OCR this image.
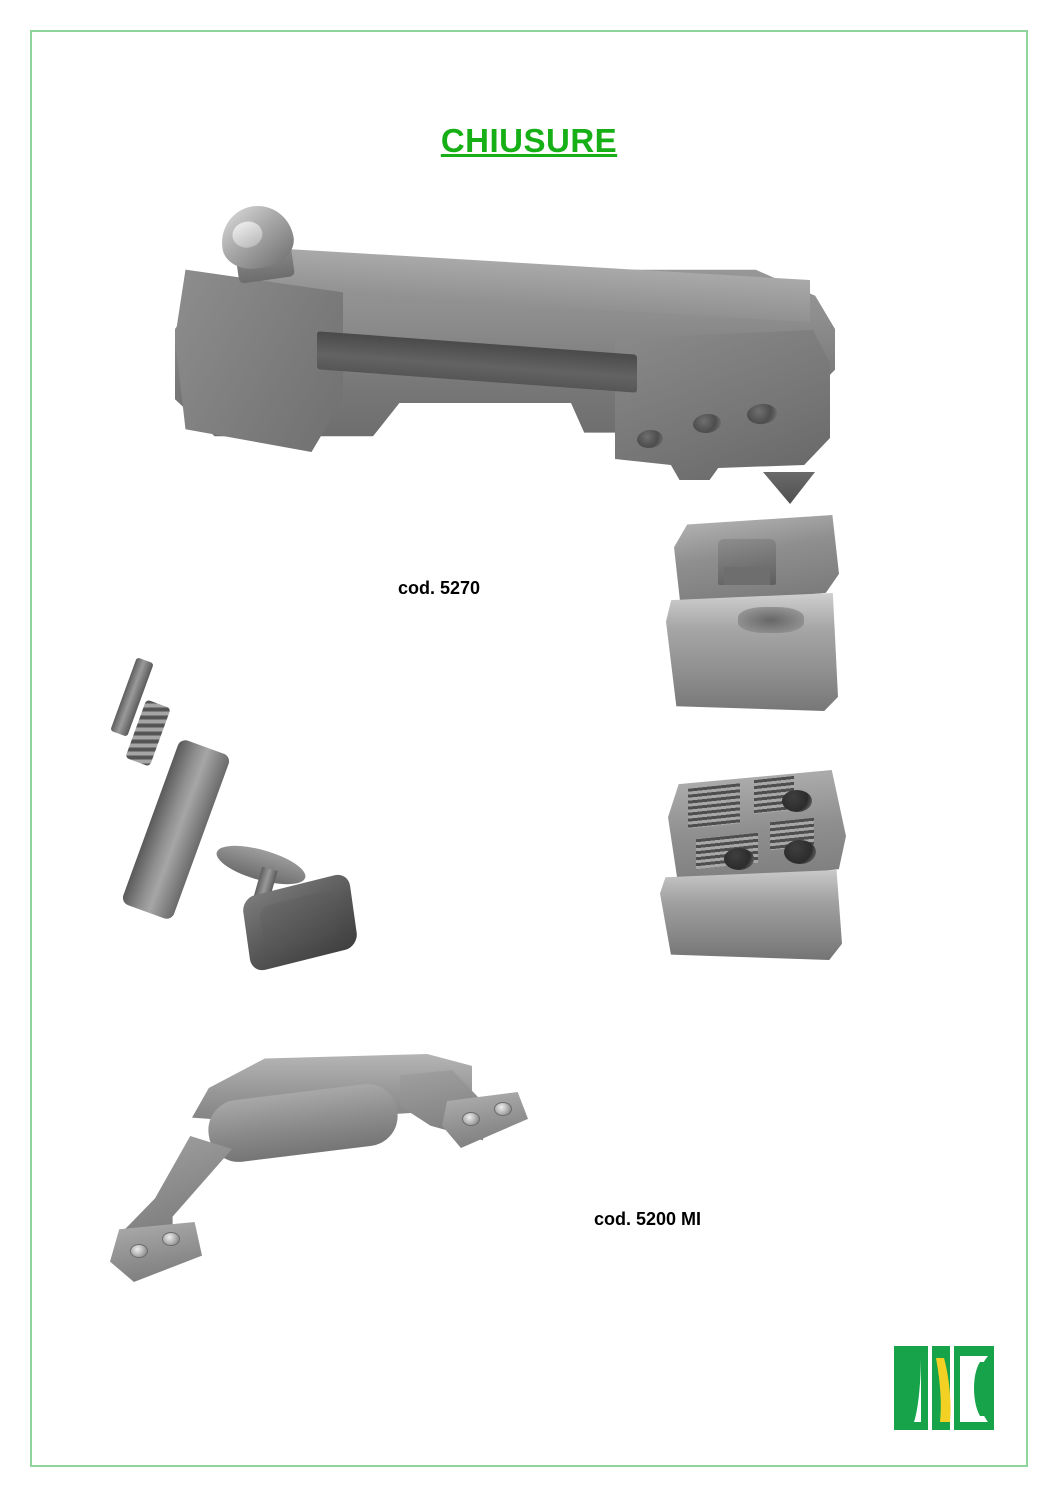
CHIUSURE
cod. 5270
cod. 5200 MI
